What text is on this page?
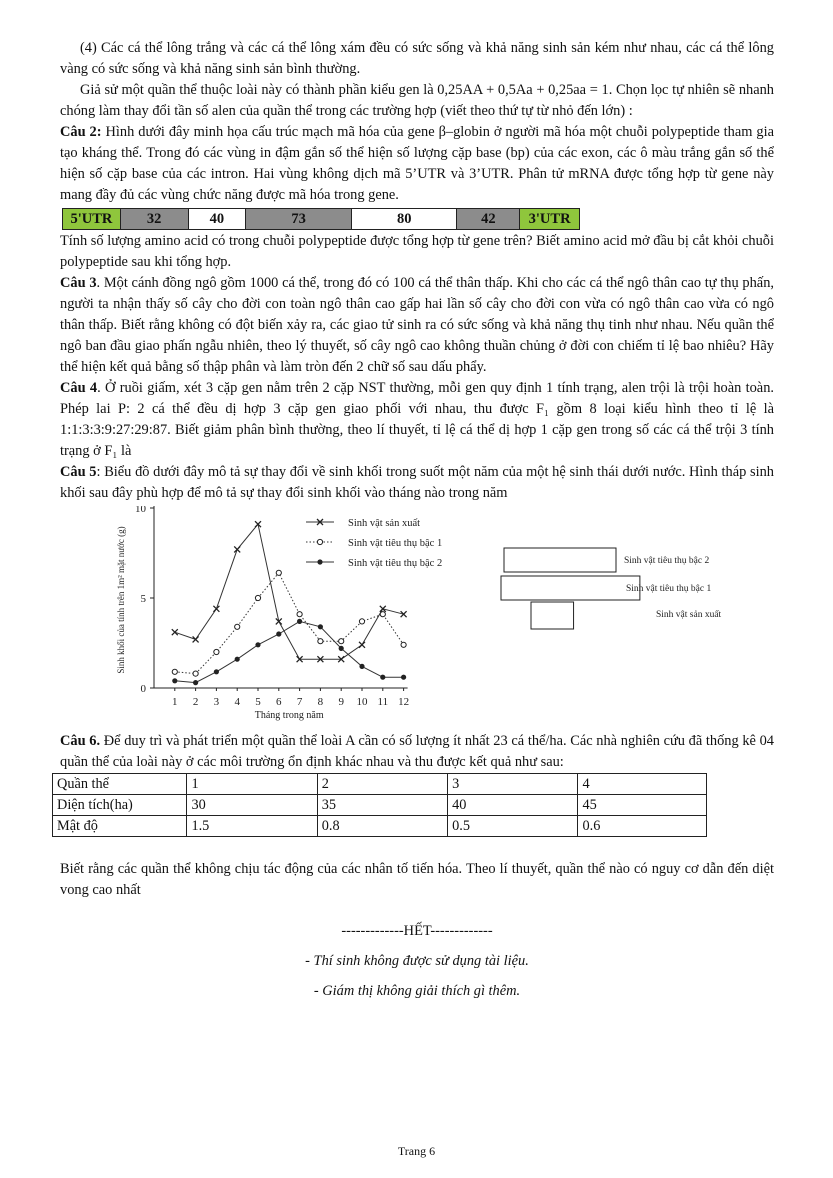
(4) Các cá thể lông trắng và các cá thể lông xám đều có sức sống và khả năng sinh sản kém như nhau, các cá thể lông vàng có sức sống và khả năng sinh sản bình thường.

Giả sử một quần thể thuộc loài này có thành phần kiểu gen là 0,25AA + 0,5Aa + 0,25aa = 1. Chọn lọc tự nhiên sẽ nhanh chóng làm thay đổi tần số alen của quần thể trong các trường hợp (viết theo thứ tự từ nhỏ đến lớn) :

Câu 2: Hình dưới đây minh họa cấu trúc mạch mã hóa của gene β–globin ở người mã hóa một chuỗi polypeptide tham gia tạo kháng thể. Trong đó các vùng in đậm gắn số thể hiện số lượng cặp base (bp) của các exon, các ô màu trắng gắn số thể hiện số cặp base của các intron. Hai vùng không dịch mã 5’UTR và 3’UTR. Phân tử mRNA được tổng hợp từ gene này mang đầy đủ các vùng chức năng được mã hóa trong gene.

5'UTR	32	40	73	80	42	3'UTR

Tính số lượng amino acid có trong chuỗi polypeptide được tổng hợp từ gene trên? Biết amino acid mở đầu bị cắt khỏi chuỗi polypeptide sau khi tổng hợp.

Câu 3. Một cánh đồng ngô gồm 1000 cá thể, trong đó có 100 cá thể thân thấp. Khi cho các cá thể ngô thân cao tự thụ phấn, người ta nhận thấy số cây cho đời con toàn ngô thân cao gấp hai lần số cây cho đời con vừa có ngô thân cao vừa có ngô thân thấp. Biết rằng không có đột biến xảy ra, các giao tử sinh ra có sức sống và khả năng thụ tinh như nhau. Nếu quần thể ngô ban đầu giao phấn ngẫu nhiên, theo lý thuyết, số cây ngô cao không thuần chủng ở đời con chiếm tỉ lệ bao nhiêu? Hãy thể hiện kết quả bằng số thập phân và làm tròn đến 2 chữ số sau dấu phẩy.

Câu 4. Ở ruồi giấm, xét 3 cặp gen nằm trên 2 cặp NST thường, mỗi gen quy định 1 tính trạng, alen trội là trội hoàn toàn. Phép lai P: 2 cá thể đều dị hợp 3 cặp gen giao phối với nhau, thu được F₁ gồm 8 loại kiểu hình theo tỉ lệ là 1:1:3:3:9:27:29:87. Biết giảm phân bình thường, theo lí thuyết, tỉ lệ cá thể dị hợp 1 cặp gen trong số các cá thể trội 3 tính trạng ở F₁ là

Câu 5: Biểu đồ dưới đây mô tả sự thay đổi về sinh khối trong suốt một năm của một hệ sinh thái dưới nước. Hình tháp sinh khối sau đây phù hợp để mô tả sự thay đổi sinh khối vào tháng nào trong năm

0
5
10
1 2 3 4 5 6 7 8 9 10 11 12
Tháng trong năm
Sinh khối của tính trên 1m² mặt nước (g)
Sinh vật sản xuất
Sinh vật tiêu thụ bậc 1
Sinh vật tiêu thụ bậc 2	Sinh vật tiêu thụ bậc 2
Sinh vật tiêu thụ bậc 1
Sinh vật sản xuất

Câu 6. Để duy trì và phát triển một quần thể loài A cần có số lượng ít nhất 23 cá thể/ha. Các nhà nghiên cứu đã thống kê 04 quần thể của loài này ở các môi trường ổn định khác nhau và thu được kết quả như sau:

Quần thể	1	2	3	4
Diện tích(ha)	30	35	40	45
Mật độ	1.5	0.8	0.5	0.6

Biết rằng các quần thể không chịu tác động của các nhân tố tiến hóa. Theo lí thuyết, quần thể nào có nguy cơ dẫn đến diệt vong cao nhất

-------------HẾT-------------

- Thí sinh không được sử dụng tài liệu.

- Giám thị không giải thích gì thêm.

Trang 6
